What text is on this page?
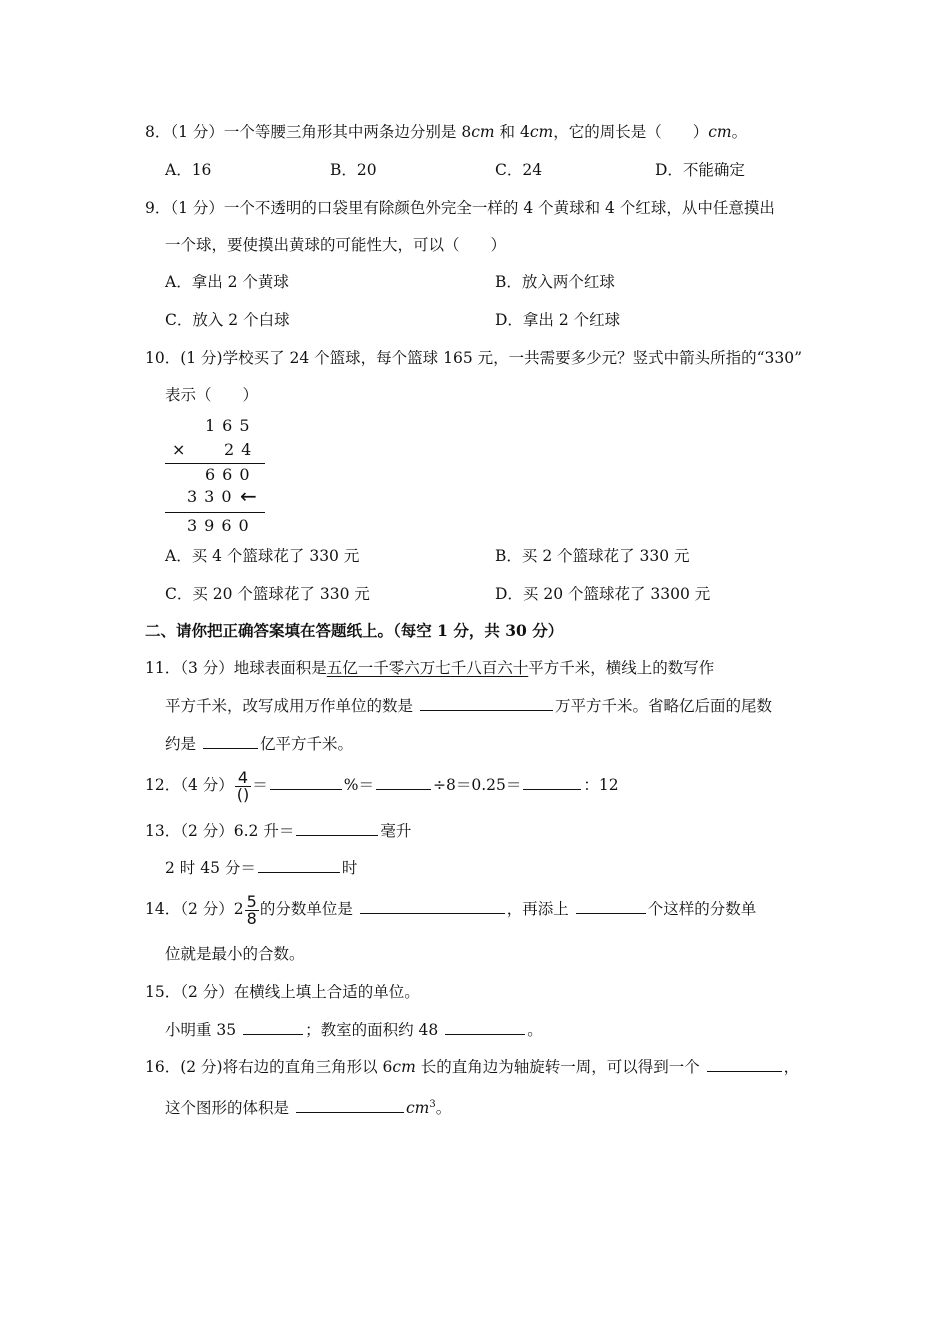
8．（1 分）一个等腰三角形其中两条边分别是 8cm 和 4cm，它的周长是（　　）cm。
A．16	B．20	C．24	D．不能确定
9．（1 分）一个不透明的口袋里有除颜色外完全一样的 4 个黄球和 4 个红球，从中任意摸出
一个球，要使摸出黄球的可能性大，可以（　　）
A．拿出 2 个黄球	B．放入两个红球
C．放入 2 个白球	D．拿出 2 个红球
10．(1 分)学校买了 24 个篮球，每个篮球 165 元，一共需要多少元？竖式中箭头所指的“330”
表示（　　）
165
× 24
660
330 ←
3960
A．买 4 个篮球花了 330 元	B．买 2 个篮球花了 330 元
C．买 20 个篮球花了 330 元	D．买 20 个篮球花了 3300 元
二、请你把正确答案填在答题纸上。（每空 1 分，共 30 分）
11．（3 分）地球表面积是五亿一千零六万七千八百六十平方千米，横线上的数写作
平方千米，改写成用万作单位的数是	万平方千米。省略亿后面的尾数
约是	亿平方千米。
12．（4 分） $\frac{4}{()}$ ＝	%＝	÷8＝0.25＝	：12
13．（2 分）6.2 升＝	毫升
2 时 45 分＝	时
14．（2 分）$2 \frac{5}{8}$ 的分数单位是	，再添上	个这样的分数单
位就是最小的合数。
15．（2 分）在横线上填上合适的单位。
小明重 35	；教室的面积约 48	。
16．(2 分)将右边的直角三角形以 6cm 长的直角边为轴旋转一周，可以得到一个	，
这个图形的体积是	$cm^3$。
